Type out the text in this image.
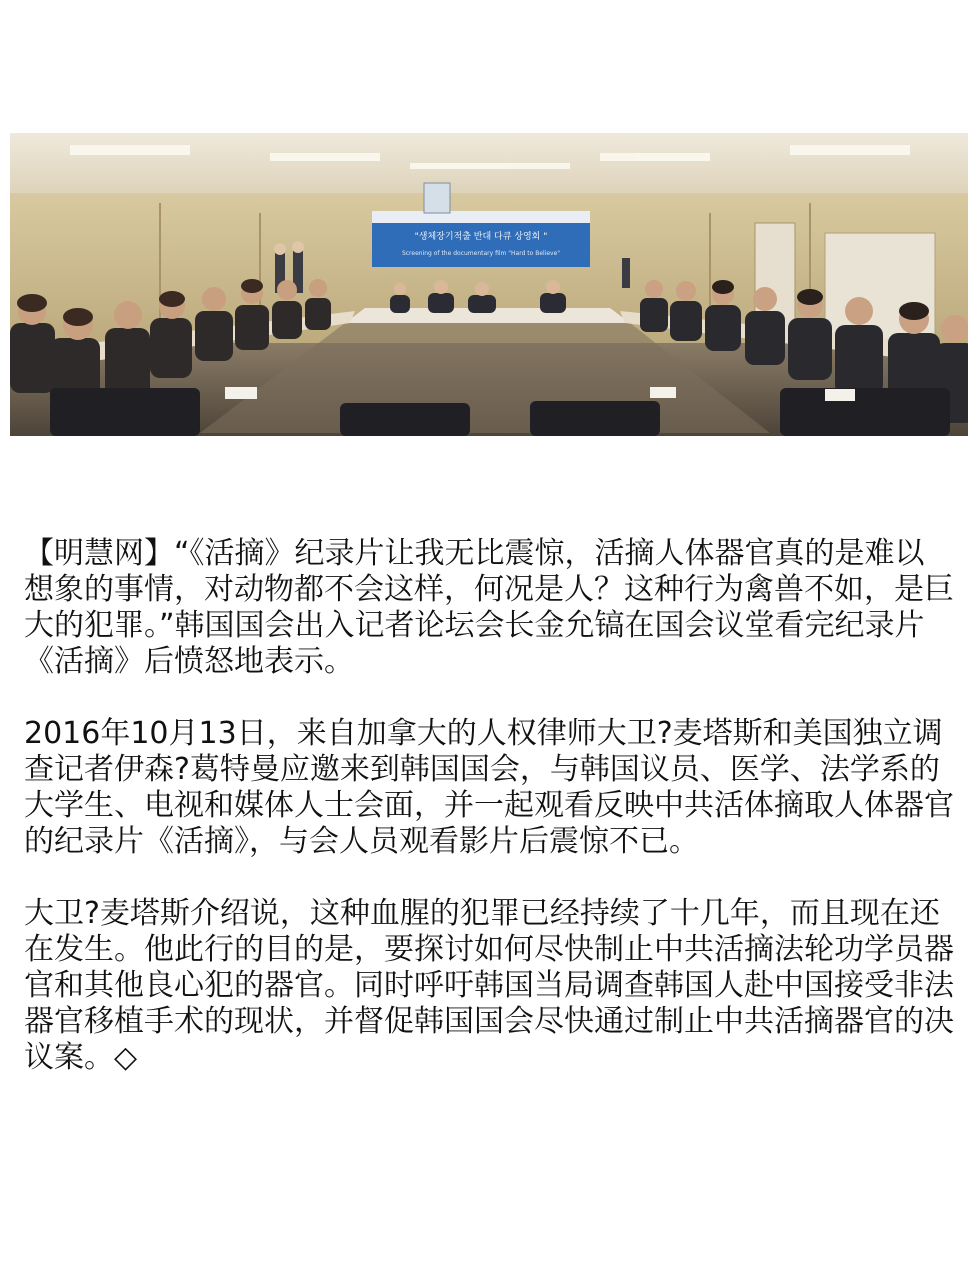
"생체장기적출 반대 다큐 상영회 "
Screening of the documentary film "Hard to Believe"

【明慧网】“《活摘》纪录片让我无比震惊，活摘人体器官真的是难以想象的事情，对动物都不会这样，何况是人？这种行为禽兽不如，是巨大的犯罪。”韩国国会出入记者论坛会长金允镐在国会议堂看完纪录片《活摘》后愤怒地表示。

2016年10月13日，来自加拿大的人权律师大卫?麦塔斯和美国独立调查记者伊森?葛特曼应邀来到韩国国会，与韩国议员、医学、法学系的大学生、电视和媒体人士会面，并一起观看反映中共活体摘取人体器官的纪录片《活摘》，与会人员观看影片后震惊不已。

大卫?麦塔斯介绍说，这种血腥的犯罪已经持续了十几年，而且现在还在发生。他此行的目的是，要探讨如何尽快制止中共活摘法轮功学员器官和其他良心犯的器官。同时呼吁韩国当局调查韩国人赴中国接受非法器官移植手术的现状，并督促韩国国会尽快通过制止中共活摘器官的决议案。◇
